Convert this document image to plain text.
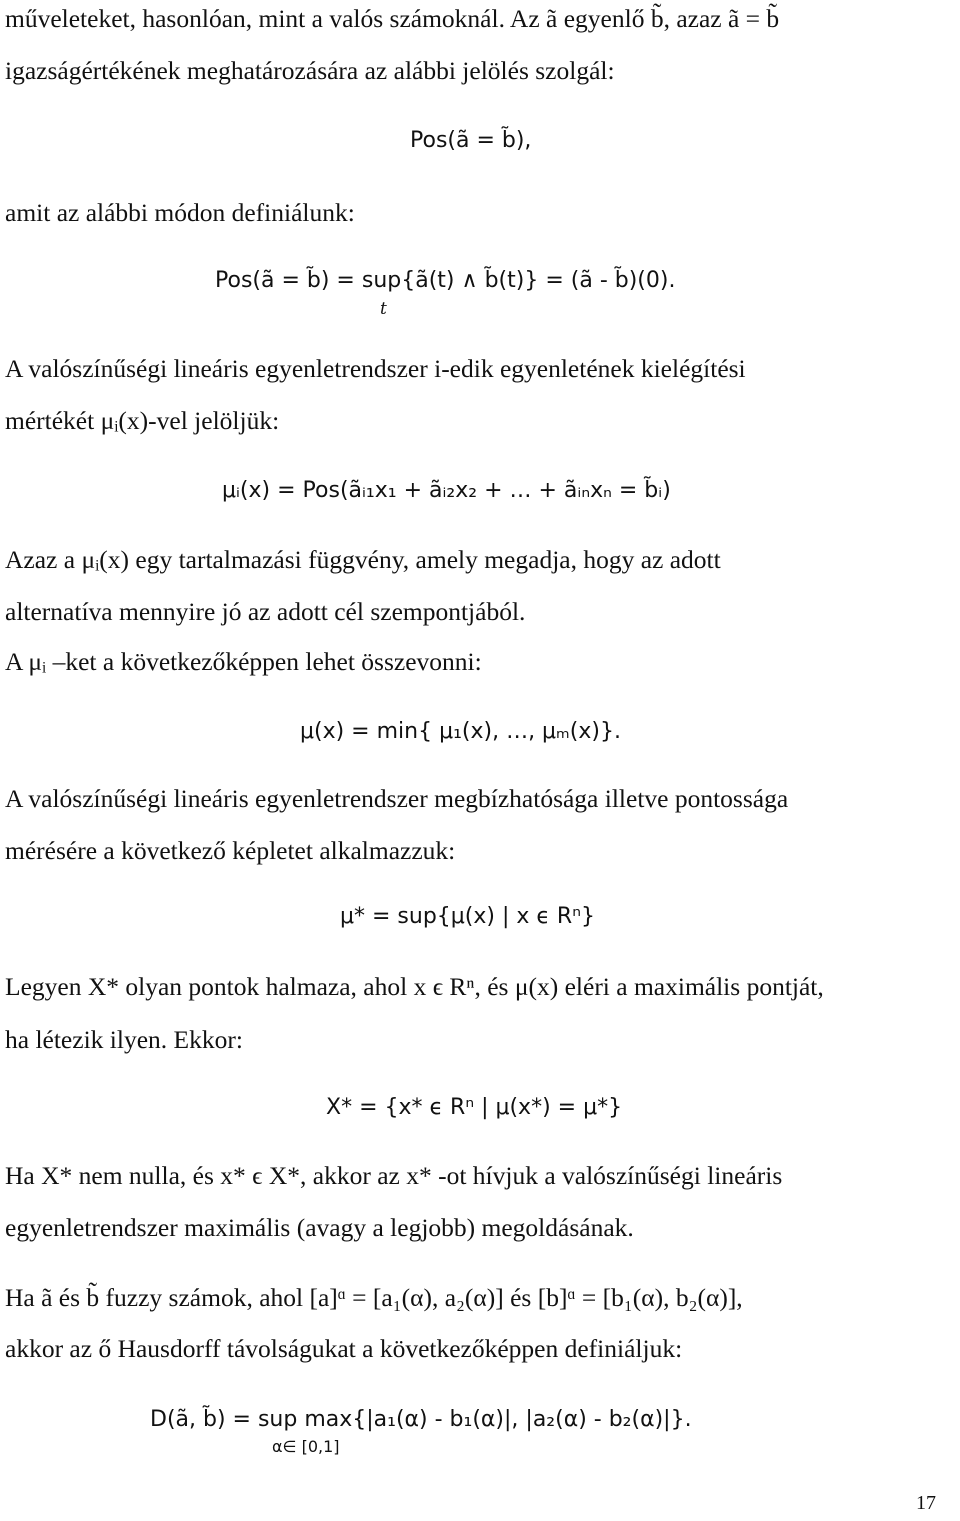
műveleteket, hasonlóan, mint a valós számoknál. Az ã egyenlő b̃, azaz ã = b̃
igazságértékének meghatározására az alábbi jelölés szolgál:
Pos(ã = b̃),
amit az alábbi módon definiálunk:
Pos(ã = b̃) = sup{ã(t) ∧ b̃(t)} = (ã - b̃)(0).
t
A valószínűségi lineáris egyenletrendszer i-edik egyenletének kielégítési
mértékét μᵢ(x)-vel jelöljük:
μᵢ(x) = Pos(ãᵢ₁x₁ + ãᵢ₂x₂ + … + ãᵢₙxₙ = b̃ᵢ)
Azaz a μᵢ(x) egy tartalmazási függvény, amely megadja, hogy az adott
alternatíva mennyire jó az adott cél szempontjából.
A μᵢ –ket a következőképpen lehet összevonni:
μ(x) = min{ μ₁(x), …, μₘ(x)}.
A valószínűségi lineáris egyenletrendszer megbízhatósága illetve pontossága
mérésére a következő képletet alkalmazzuk:
μ* = sup{μ(x) | x ϵ Rⁿ}
Legyen X* olyan pontok halmaza, ahol x ϵ Rⁿ, és μ(x) eléri a maximális pontját,
ha létezik ilyen. Ekkor:
X* = {x* ϵ Rⁿ | μ(x*) = μ*}
Ha X* nem nulla, és x* ϵ X*, akkor az x* -ot hívjuk a valószínűségi lineáris
egyenletrendszer maximális (avagy a legjobb) megoldásának.
Ha ã és b̃ fuzzy számok, ahol [a]ᵅ = [a₁(α), a₂(α)] és [b]ᵅ = [b₁(α), b₂(α)],
akkor az ő Hausdorff távolságukat a következőképpen definiáljuk:
D(ã, b̃) = sup max{|a₁(α) - b₁(α)|, |a₂(α) - b₂(α)|}.
α∈ [0,1]
17
